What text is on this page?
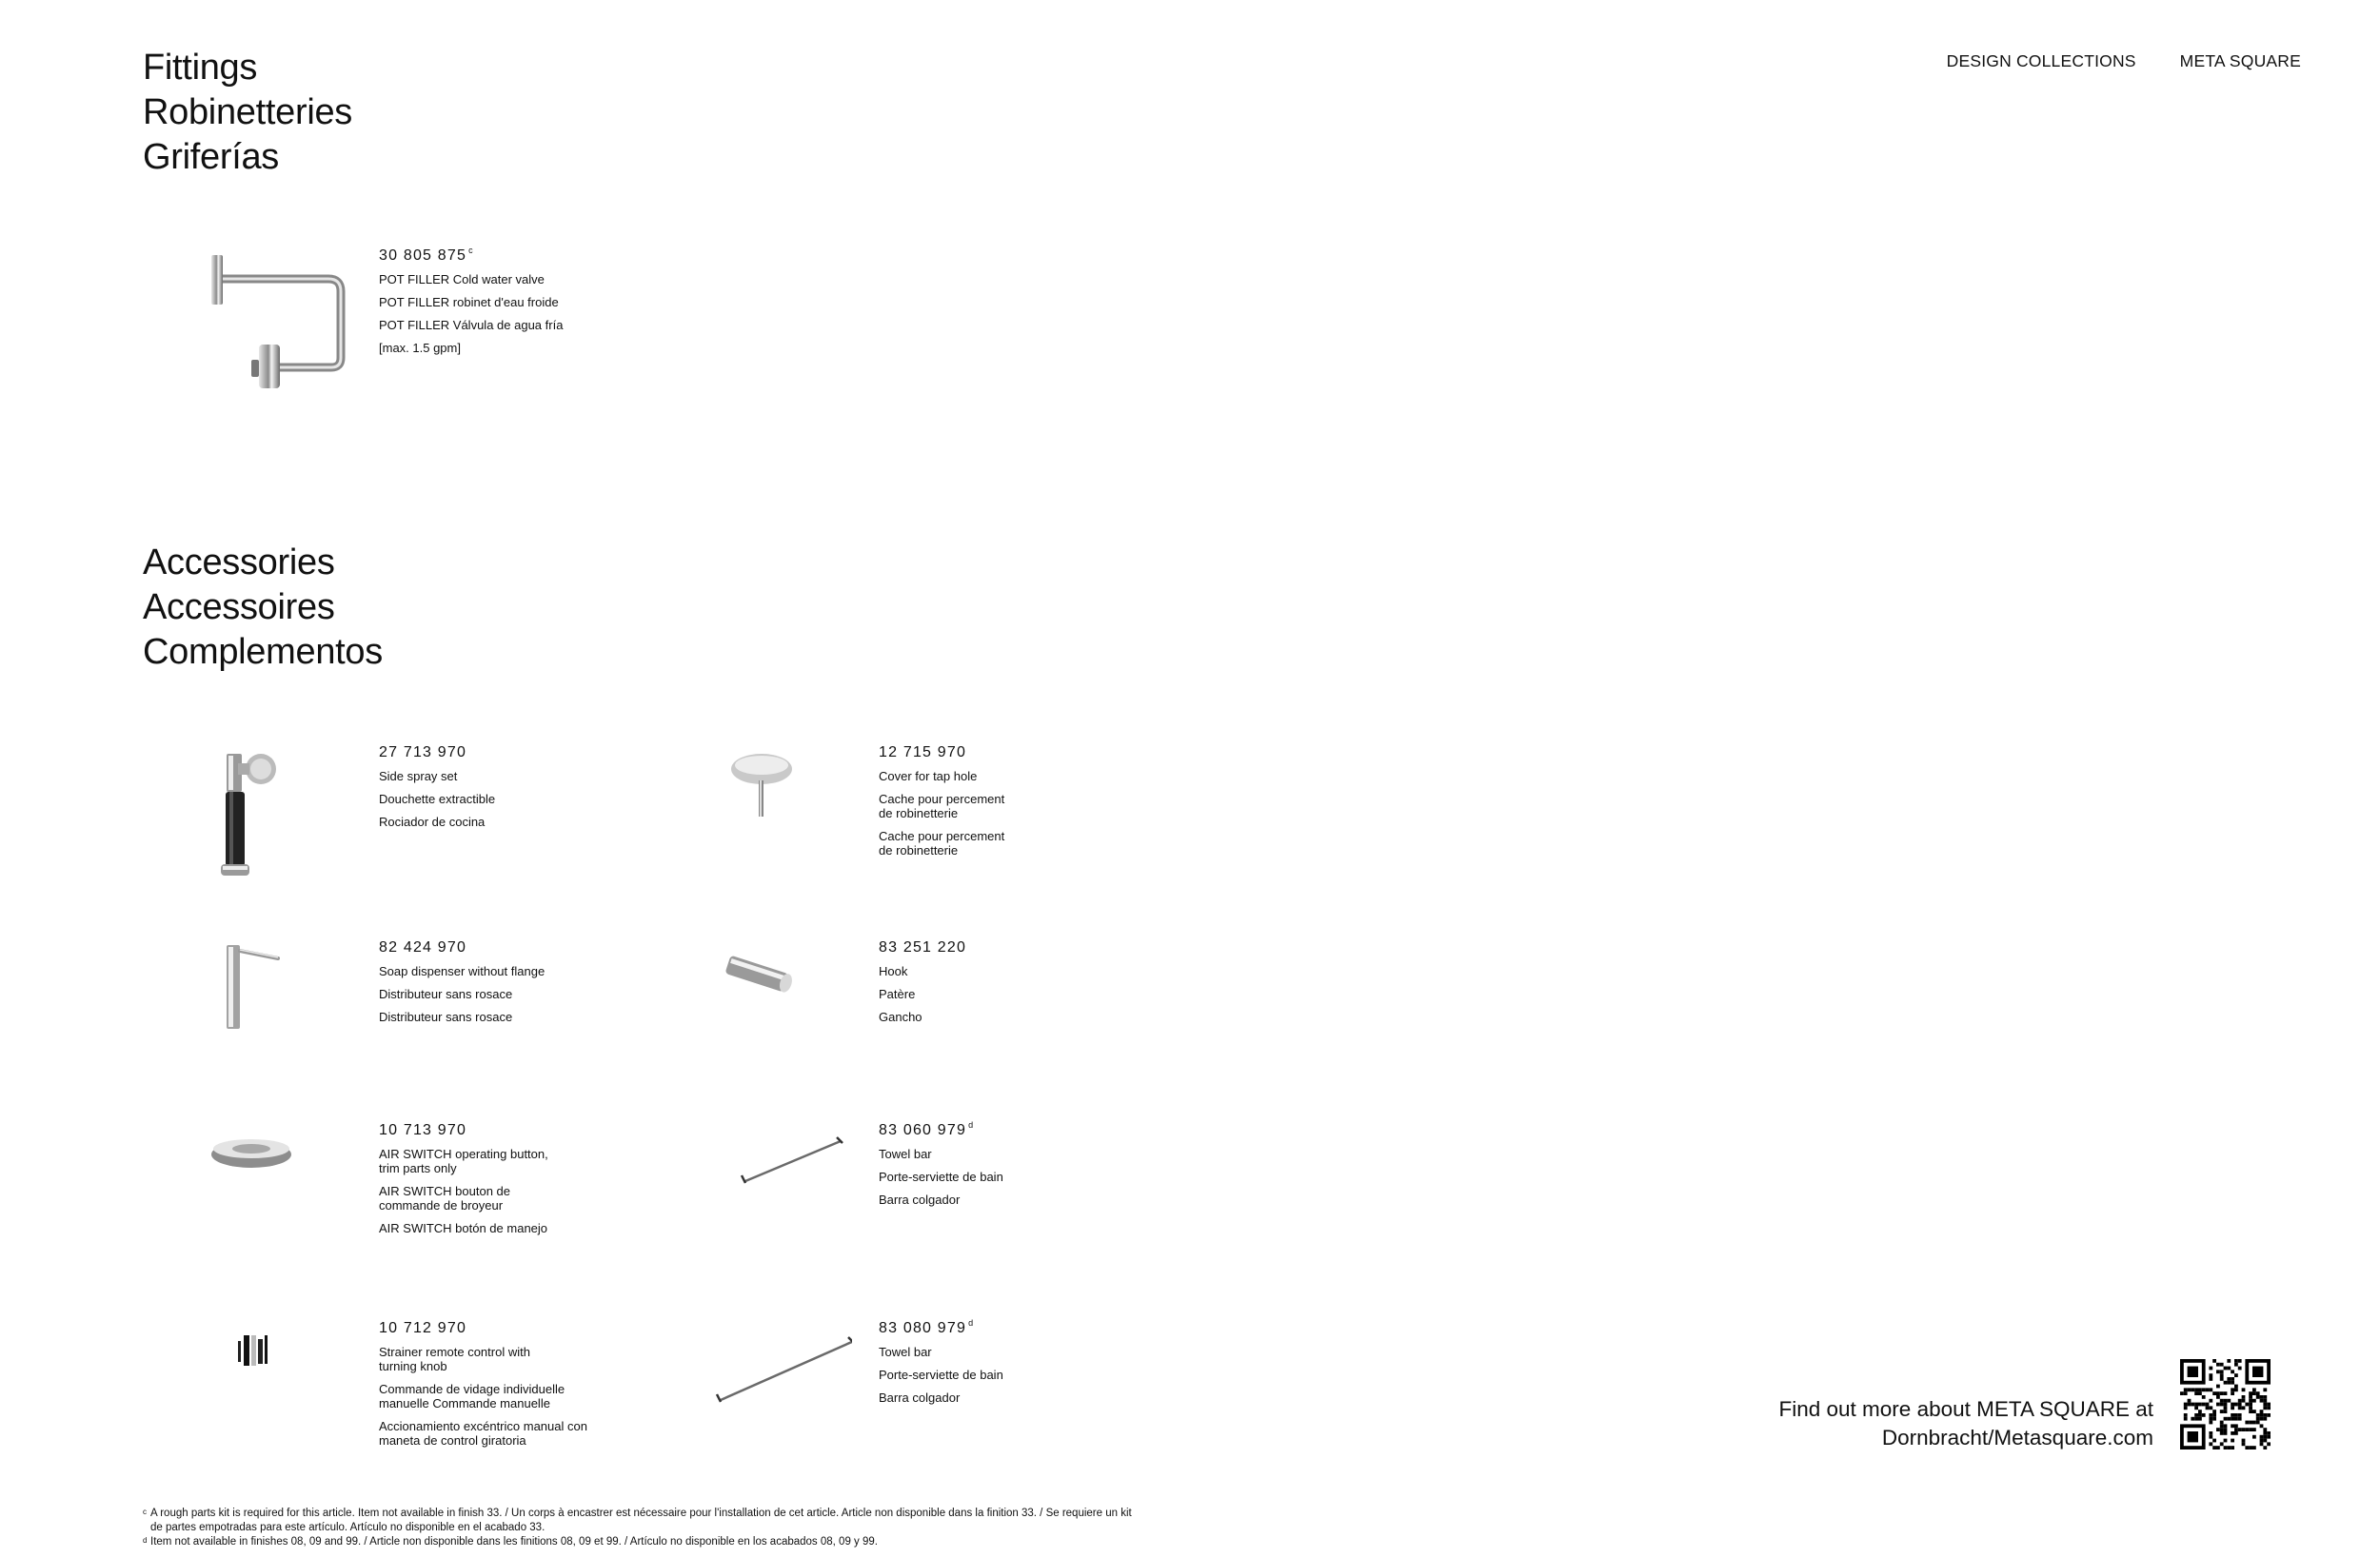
DESIGN COLLECTIONS	META SQUARE
Fittings
Robinetteries
Griferías
30 805 875 $^c$
POT FILLER Cold water valve
POT FILLER robinet d'eau froide
POT FILLER Válvula de agua fría
[max. 1.5 gpm]
Accessories
Accessoires
Complementos
27 713 970
Side spray set
Douchette extractible
Rociador de cocina
12 715 970
Cover for tap hole
Cache pour percement de robinetterie
Cache pour percement de robinetterie
82 424 970
Soap dispenser without flange
Distributeur sans rosace
Distributeur sans rosace
83 251 220
Hook
Patère
Gancho
10 713 970
AIR SWITCH operating button, trim parts only
AIR SWITCH bouton de commande de broyeur
AIR SWITCH botón de manejo
83 060 979 $^d$
Towel bar
Porte-serviette de bain
Barra colgador
10 712 970
Strainer remote control with turning knob
Commande de vidage individuelle manuelle Commande manuelle
Accionamiento excéntrico manual con maneta de control giratoria
83 080 979 $^d$
Towel bar
Porte-serviette de bain
Barra colgador	Find out more about META SQUARE at
Dornbracht/Metasquare.com
c A rough parts kit is required for this article. Item not available in finish 33. / Un corps à encastrer est nécessaire pour l'installation de cet article. Article non disponible dans la finition 33. / Se requiere un kit de partes empotradas para este artículo. Artículo no disponible en el acabado 33.
d Item not available in finishes 08, 09 and 99. / Article non disponible dans les finitions 08, 09 et 99. / Artículo no disponible en los acabados 08, 09 y 99.
